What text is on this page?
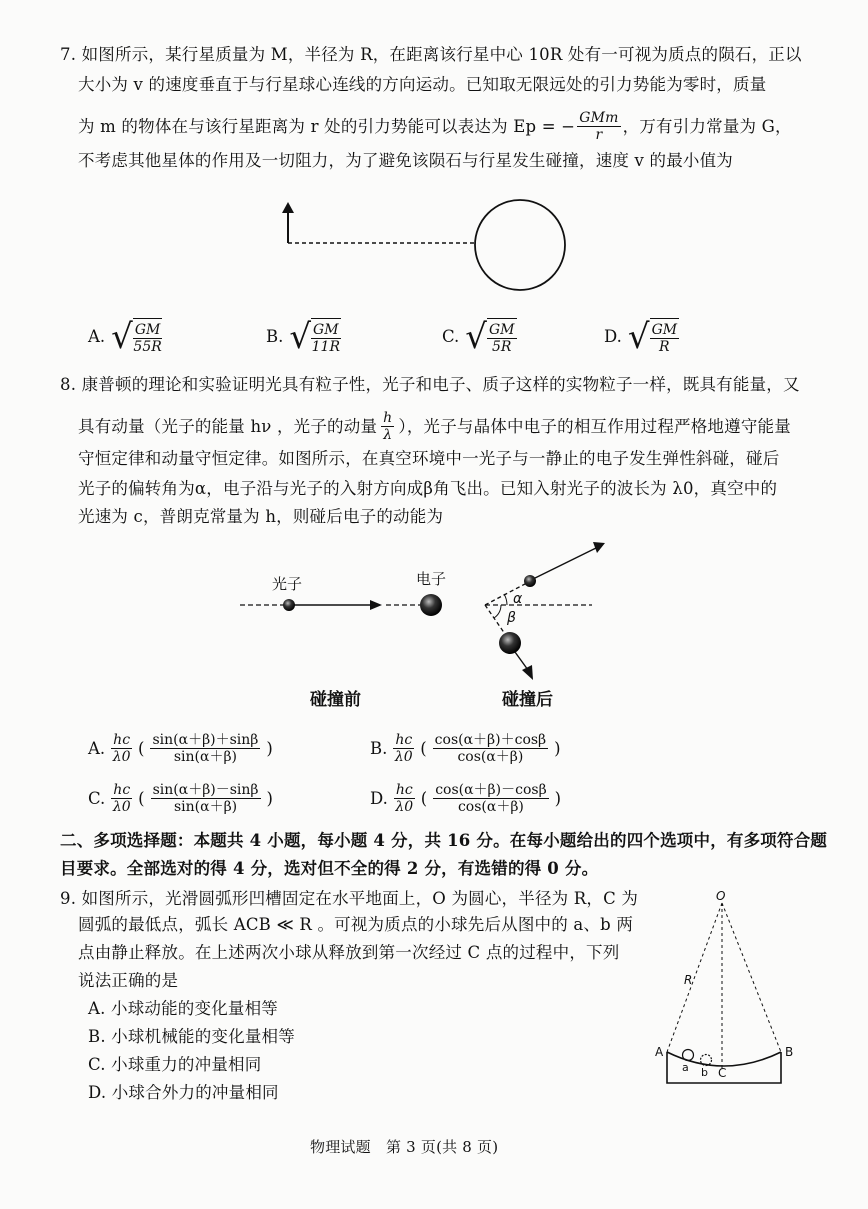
7. 如图所示，某行星质量为 M，半径为 R，在距离该行星中心 10R 处有一可视为质点的陨石，正以
大小为 v 的速度垂直于与行星球心连线的方向运动。已知取无限远处的引力势能为零时，质量
为 m 的物体在与该行星距离为 r 处的引力势能可以表达为 Ep = − $\frac{\text{GMm}}{r}$ ，万有引力常量为 G，
不考虑其他星体的作用及一切阻力，为了避免该陨石与行星发生碰撞，速度 v 的最小值为
A. √ $\frac{GM}{55R}$	B. √ $\frac{GM}{11R}$	C. √ $\frac{GM}{5R}$	D. √ $\frac{GM}{R}$
8. 康普顿的理论和实验证明光具有粒子性，光子和电子、质子这样的实物粒子一样，既具有能量，又
具有动量（光子的能量 hν ，光子的动量 $\frac{h}{\lambda}$ ），光子与晶体中电子的相互作用过程严格地遵守能量
守恒定律和动量守恒定律。如图所示，在真空环境中一光子与一静止的电子发生弹性斜碰，碰后
光子的偏转角为α，电子沿与光子的入射方向成β角飞出。已知入射光子的波长为 λ0，真空中的
光速为 c，普朗克常量为 h，则碰后电子的动能为
光子	电子
α
β
碰撞前	碰撞后
A. $\frac{hc}{\lambda 0}$ ( $\frac{\sin(\alpha+\beta)+\sin\beta}{\sin(\alpha+\beta)}$ )	B. $\frac{hc}{\lambda 0}$ ( $\frac{\cos(\alpha+\beta)+\cos\beta}{\cos(\alpha+\beta)}$ )
C. $\frac{hc}{\lambda 0}$ ( $\frac{\sin(\alpha+\beta)-\sin\beta}{\sin(\alpha+\beta)}$ )	D. $\frac{hc}{\lambda 0}$ ( $\frac{\cos(\alpha+\beta)-\cos\beta}{\cos(\alpha+\beta)}$ )
二、多项选择题：本题共 4 小题，每小题 4 分，共 16 分。在每小题给出的四个选项中，有多项符合题
目要求。全部选对的得 4 分，选对但不全的得 2 分，有选错的得 0 分。
9. 如图所示，光滑圆弧形凹槽固定在水平地面上，O 为圆心，半径为 R，C 为
圆弧的最低点，弧长 ACB ≪ R 。可视为质点的小球先后从图中的 a、b 两
点由静止释放。在上述两次小球从释放到第一次经过 C 点的过程中，下列
说法正确的是
A. 小球动能的变化量相等
B. 小球机械能的变化量相等
C. 小球重力的冲量相同
D. 小球合外力的冲量相同
O
R
A	B
a b C
物理试题　第 3 页(共 8 页)
